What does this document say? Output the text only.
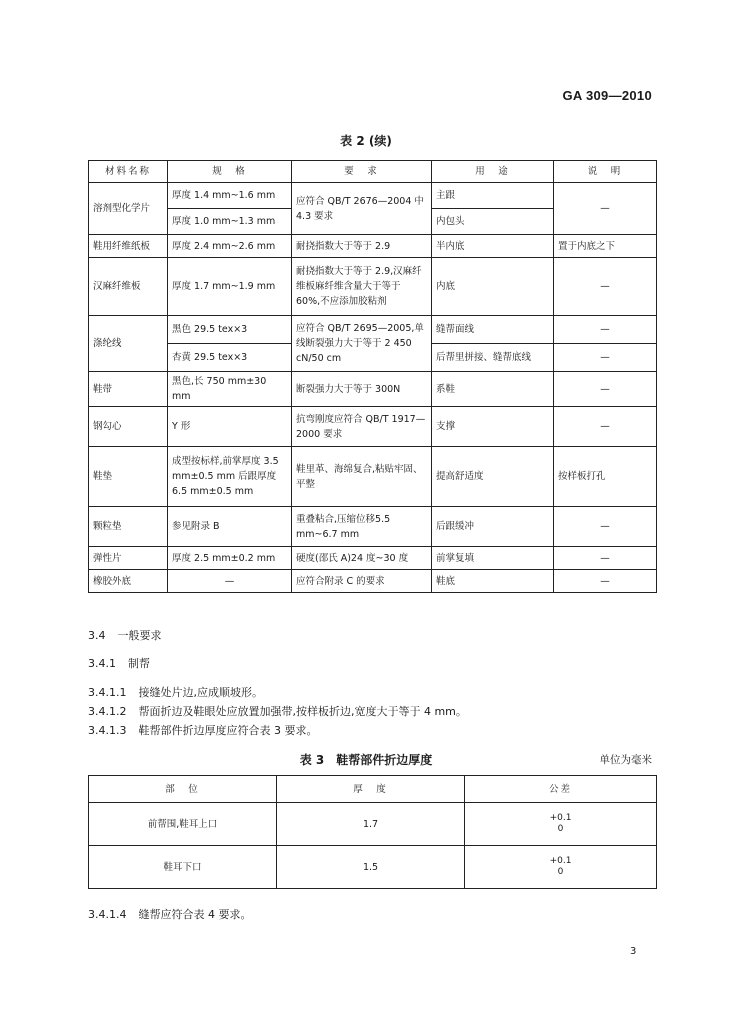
GA 309—2010
表 2 (续)
材料名称	规　格	要　求	用　途	说　明
溶剂型化学片	厚度 1.4 mm~1.6 mm	应符合 QB/T 2676—2004 中 4.3 要求	主跟	—
	厚度 1.0 mm~1.3 mm		内包头	
鞋用纤维纸板	厚度 2.4 mm~2.6 mm	耐挠指数大于等于 2.9	半内底	置于内底之下
汉麻纤维板	厚度 1.7 mm~1.9 mm	耐挠指数大于等于 2.9,汉麻纤维板麻纤维含量大于等于 60%,不应添加胶粘剂	内底	—
涤纶线	黑色 29.5 tex×3	应符合 QB/T 2695—2005,单线断裂强力大于等于 2 450 cN/50 cm	缝帮面线	—
	杏黄 29.5 tex×3		后帮里拼接、缝帮底线	—
鞋带	黑色,长 750 mm±30 mm	断裂强力大于等于 300N	系鞋	—
钢勾心	Y 形	抗弯刚度应符合 QB/T 1917—2000 要求	支撑	—
鞋垫	成型按标样,前掌厚度 3.5 mm±0.5 mm 后跟厚度 6.5 mm±0.5 mm	鞋里革、海绵复合,粘贴牢固、平整	提高舒适度	按样板打孔
颗粒垫	参见附录 B	重叠粘合,压缩位移5.5 mm~6.7 mm	后跟缓冲	—
弹性片	厚度 2.5 mm±0.2 mm	硬度(邵氏 A)24 度~30 度	前掌复填	—
橡胶外底	—	应符合附录 C 的要求	鞋底	—
3.4 一般要求
3.4.1 制帮
3.4.1.1 接缝处片边,应成顺坡形。
3.4.1.2 帮面折边及鞋眼处应放置加强带,按样板折边,宽度大于等于 4 mm。
3.4.1.3 鞋帮部件折边厚度应符合表 3 要求。
表 3　鞋帮部件折边厚度	单位为毫米
部　位	厚　度	公差
前帮围,鞋耳上口	1.7	+0.1
0

鞋耳下口	1.5	+0.1
0
3.4.1.4 缝帮应符合表 4 要求。
3
